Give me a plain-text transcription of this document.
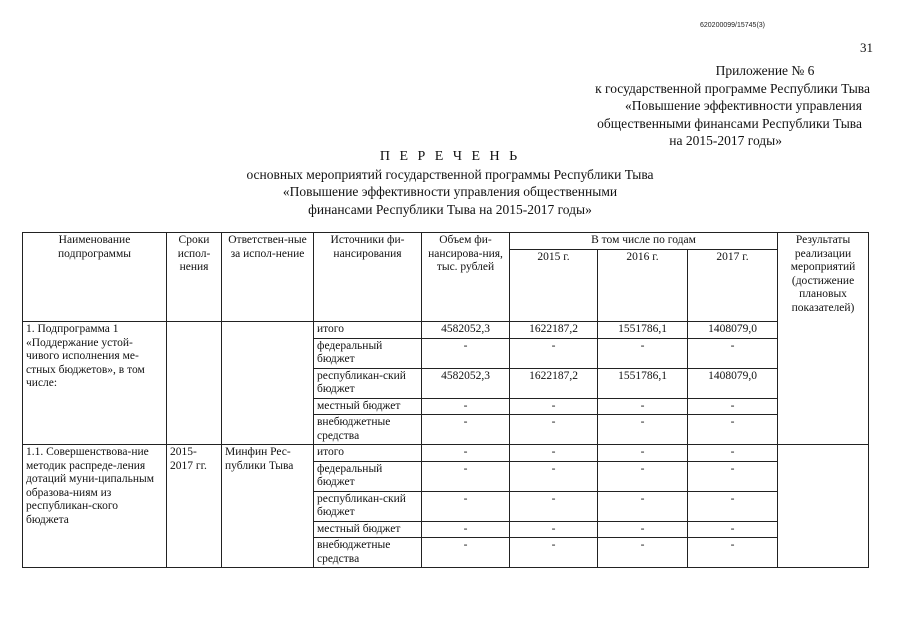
620200099/15745(3)
31
Приложение № 6
к государственной программе Республики Тыва
«Повышение эффективности управления
общественными финансами Республики Тыва
на 2015-2017 годы»
П Е Р Е Ч Е Н Ь
основных мероприятий государственной программы Республики Тыва
«Повышение эффективности управления общественными
финансами Республики Тыва на 2015-2017 годы»
Наименование подпрограммы	Сроки испол-нения	Ответствен-ные за испол-нение	Источники фи-нансирования	Объем фи-нансирова-ния, тыс. рублей	В том числе по годам			Результаты реализации мероприятий (достижение плановых показателей)
					2015 г.	2016 г.	2017 г.	
1. Подпрограмма 1 «Поддержание устой-чивого исполнения ме-стных бюджетов», в том числе:			итого	4582052,3	1622187,2	1551786,1	1408079,0	
			федеральный бюджет	-	-	-	-	
			республикан-ский бюджет	4582052,3	1622187,2	1551786,1	1408079,0	
			местный бюджет	-	-	-	-	
			внебюджетные средства	-	-	-	-	
1.1. Совершенствова-ние методик распреде-ления дотаций муни-ципальным образова-ниям из республикан-ского бюджета	2015-2017 гг.	Минфин Рес-публики Тыва	итого	-	-	-	-	
			федеральный бюджет	-	-	-	-	
			республикан-ский бюджет	-	-	-	-	
			местный бюджет	-	-	-	-	
			внебюджетные средства	-	-	-	-	
